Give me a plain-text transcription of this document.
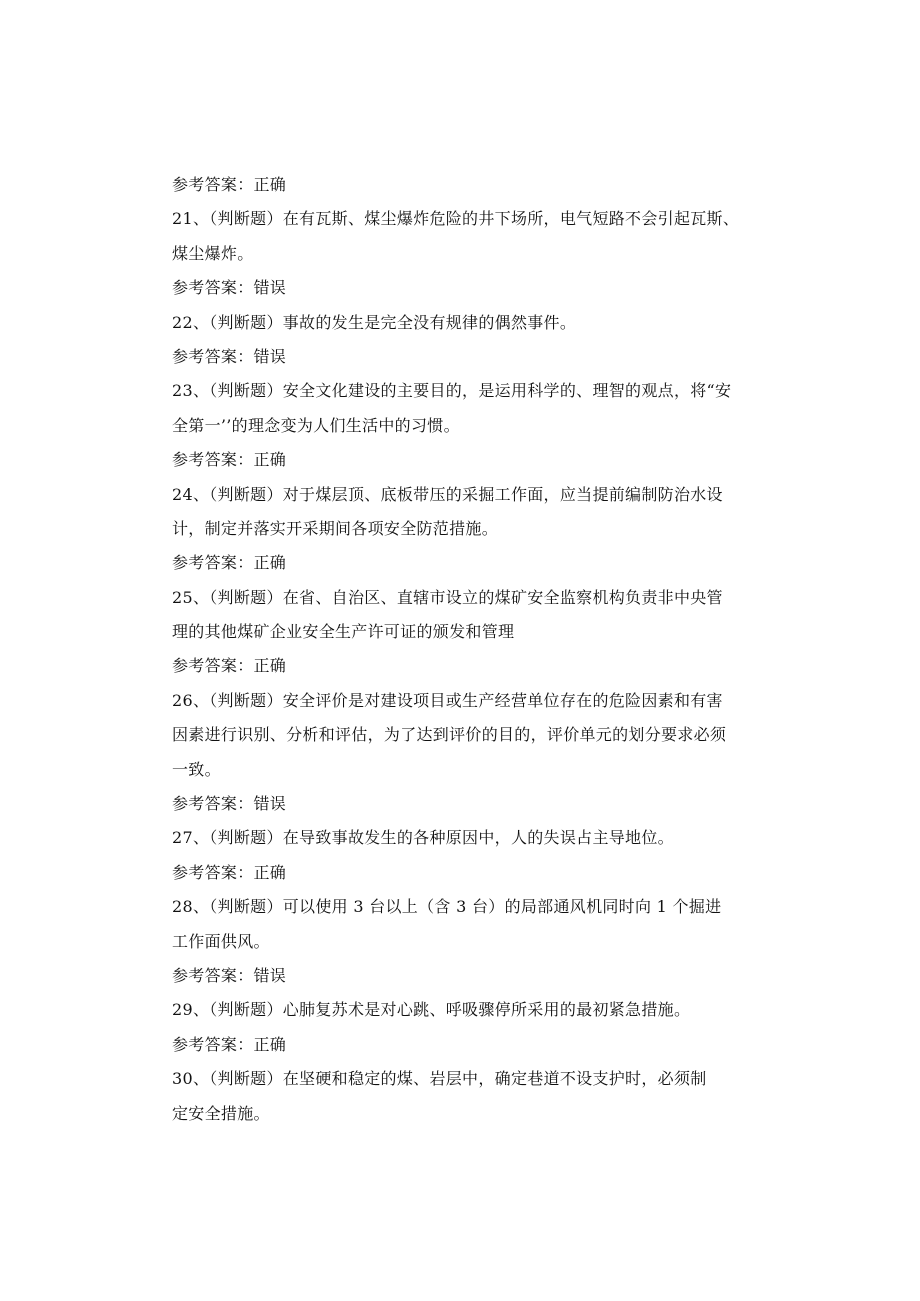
参考答案：正确
21、（判断题）在有瓦斯、煤尘爆炸危险的井下场所，电气短路不会引起瓦斯、
煤尘爆炸。
参考答案：错误
22、（判断题）事故的发生是完全没有规律的偶然事件。
参考答案：错误
23、（判断题）安全文化建设的主要目的，是运用科学的、理智的观点，将“安
全第一’’的理念变为人们生活中的习惯。
参考答案：正确
24、（判断题）对于煤层顶、底板带压的采掘工作面，应当提前编制防治水设
计，制定并落实开采期间各项安全防范措施。
参考答案：正确
25、（判断题）在省、自治区、直辖市设立的煤矿安全监察机构负责非中央管
理的其他煤矿企业安全生产许可证的颁发和管理
参考答案：正确
26、（判断题）安全评价是对建设项目或生产经营单位存在的危险因素和有害
因素进行识别、分析和评估，为了达到评价的目的，评价单元的划分要求必须
一致。
参考答案：错误
27、（判断题）在导致事故发生的各种原因中，人的失误占主导地位。
参考答案：正确
28、（判断题）可以使用 3 台以上（含 3 台）的局部通风机同时向 1 个掘进
工作面供风。
参考答案：错误
29、（判断题）心肺复苏术是对心跳、呼吸骤停所采用的最初紧急措施。
参考答案：正确
30、（判断题）在坚硬和稳定的煤、岩层中，确定巷道不设支护时，必须制
定安全措施。
